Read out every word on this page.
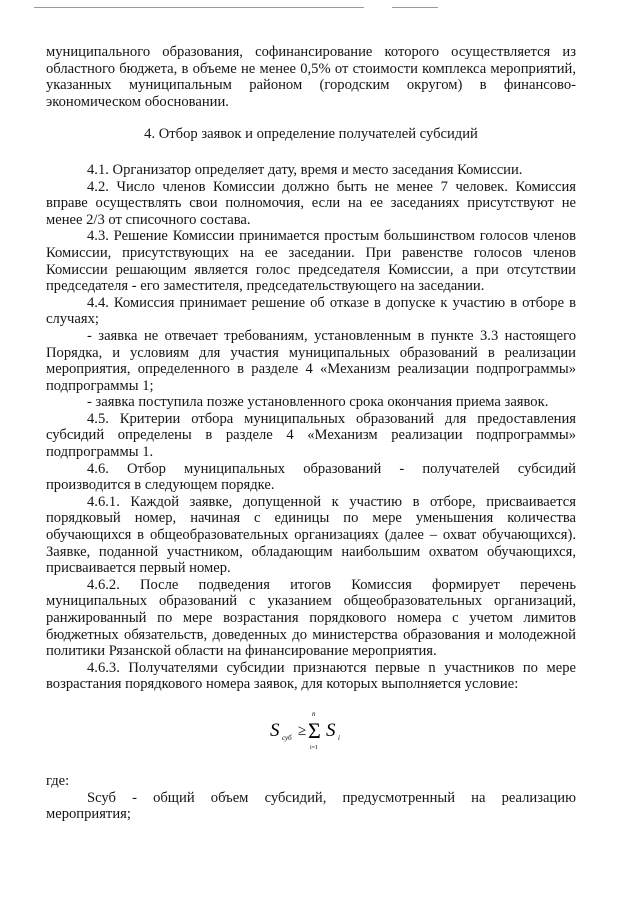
муниципального образования, софинансирование которого осуществляется из областного бюджета, в объеме не менее 0,5% от стоимости комплекса мероприятий, указанных муниципальным районом (городским округом) в финансово-экономическом обосновании.

4. Отбор заявок и определение получателей субсидий

4.1. Организатор определяет дату, время и место заседания Комиссии.

4.2. Число членов Комиссии должно быть не менее 7 человек. Комиссия вправе осуществлять свои полномочия, если на ее заседаниях присутствуют не менее 2/3 от списочного состава.

4.3. Решение Комиссии принимается простым большинством голосов членов Комиссии, присутствующих на ее заседании. При равенстве голосов членов Комиссии решающим является голос председателя Комиссии, а при отсутствии председателя - его заместителя, председательствующего на заседании.

4.4. Комиссия принимает решение об отказе в допуске к участию в отборе в случаях;

- заявка не отвечает требованиям, установленным в пункте 3.3 настоящего Порядка, и условиям для участия муниципальных образований в реализации мероприятия, определенного в разделе 4 «Механизм реализации подпрограммы» подпрограммы 1;

- заявка поступила позже установленного срока окончания приема заявок.

4.5. Критерии отбора муниципальных образований для предоставления субсидий определены в разделе 4 «Механизм реализации подпрограммы» подпрограммы 1.

4.6. Отбор муниципальных образований - получателей субсидий

производится в следующем порядке.

4.6.1. Каждой заявке, допущенной к участию в отборе, присваивается порядковый номер, начиная с единицы по мере уменьшения количества обучающихся в общеобразовательных организациях (далее – охват обучающихся). Заявке, поданной участником, обладающим наибольшим охватом обучающихся, присваивается первый номер.

4.6.2. После подведения итогов Комиссия формирует перечень муниципальных образований с указанием общеобразовательных организаций, ранжированный по мере возрастания порядкового номера с учетом лимитов бюджетных обязательств, доведенных до министерства образования и молодежной политики Рязанской области на финансирование мероприятия.

4.6.3. Получателями субсидии признаются первые n участников по мере возрастания порядкового номера заявок, для которых выполняется условие:

S суб ≥
n
Σ
i=1
S i

где:

Sсуб - общий объем субсидий, предусмотренный на реализацию мероприятия;
